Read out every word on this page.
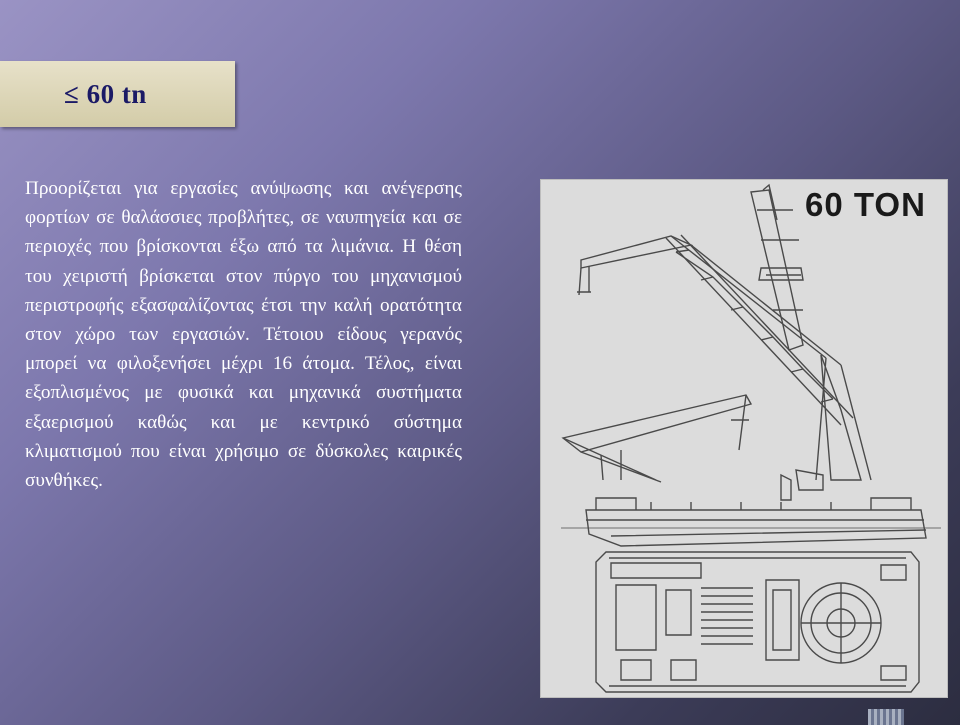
≤ 60 tn

Προορίζεται για εργασίες ανύψωσης και ανέγερσης φορτίων σε θαλάσσιες προβλήτες, σε ναυπηγεία και σε περιοχές που βρίσκονται έξω από τα λιμάνια. Η θέση του χειριστή βρίσκεται στον πύργο του μηχανισμού περιστροφής εξασφαλίζοντας έτσι την καλή ορατότητα στον χώρο των εργασιών. Τέτοιου είδους γερανός μπορεί να φιλοξενήσει μέχρι 16 άτομα. Τέλος, είναι εξοπλισμένος με φυσικά και μηχανικά συστήματα εξαερισμού καθώς και με κεντρικό σύστημα κλιματισμού που είναι χρήσιμο σε δύσκολες καιρικές συνθήκες.

60 TON
